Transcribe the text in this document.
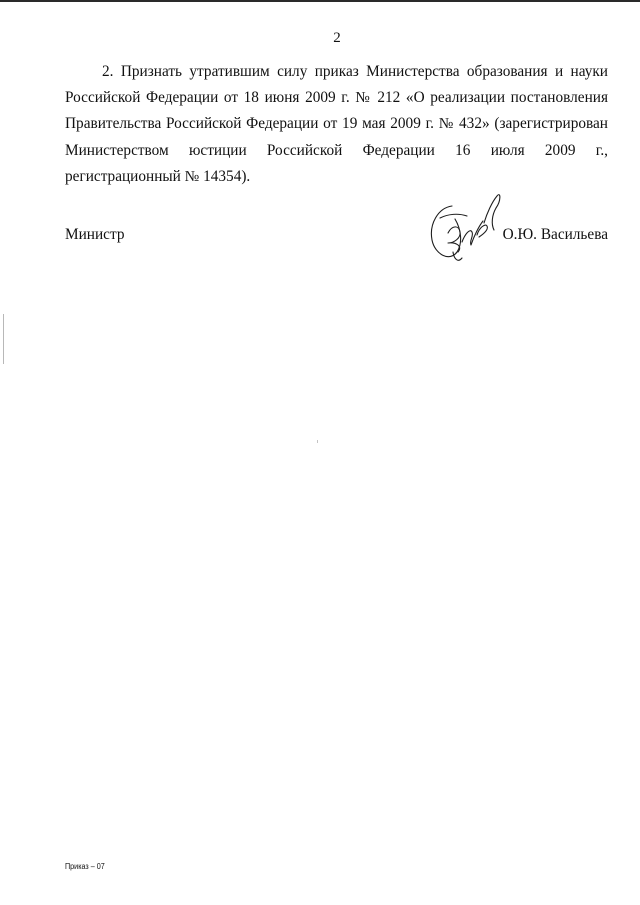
2

2. Признать утратившим силу приказ Министерства образования и науки Российской Федерации от 18 июня 2009 г. № 212 «О реализации постановления Правительства Российской Федерации от 19 мая 2009 г. № 432» (зарегистрирован Министерством юстиции Российской Федерации 16 июля 2009 г., регистрационный № 14354).

Министр	О.Ю. Васильева
Приказ – 07
